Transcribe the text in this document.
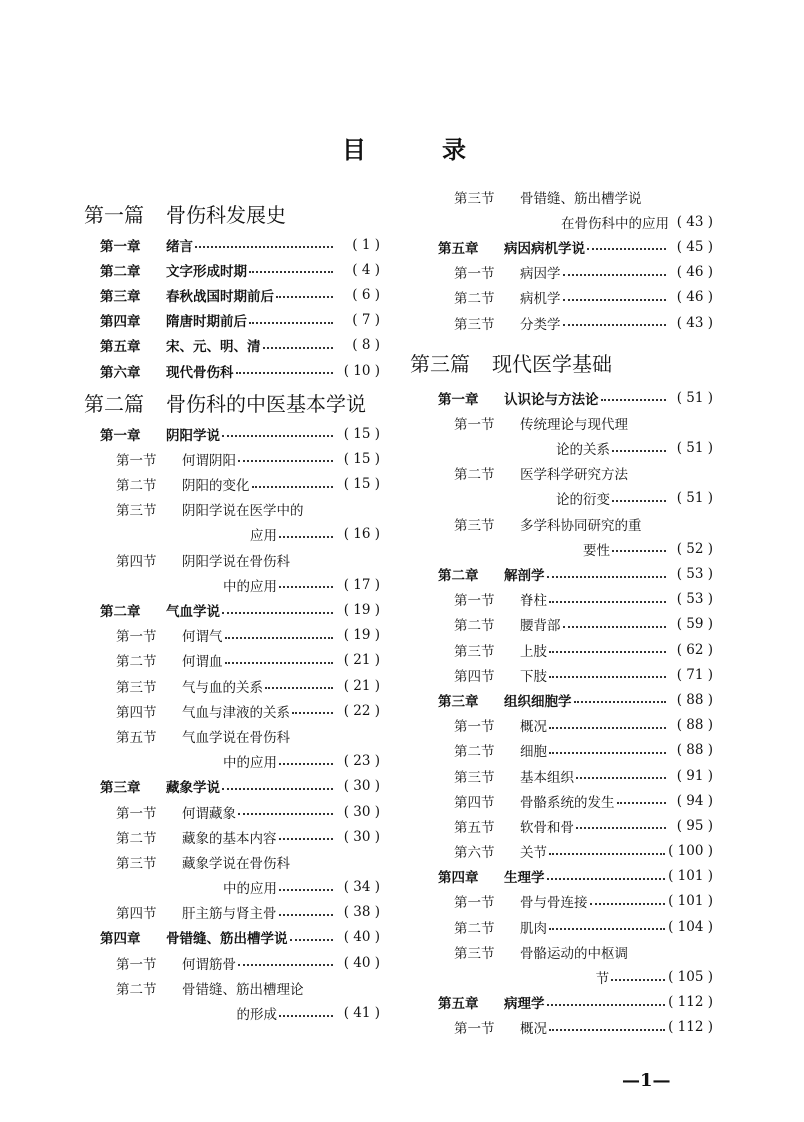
目	录
第一篇 骨伤科发展史
第一章	绪言	( 1 )
第二章	文字形成时期	( 4 )
第三章	春秋战国时期前后	( 6 )
第四章	隋唐时期前后	( 7 )
第五章	宋、元、明、清	( 8 )
第六章	现代骨伤科	( 10 )
第二篇 骨伤科的中医基本学说
第一章	阴阳学说	( 15 )
第一节	何谓阴阳	( 15 )
第二节	阴阳的变化	( 15 )
第三节	阴阳学说在医学中的
应用	( 16 )
第四节	阴阳学说在骨伤科
中的应用	( 17 )
第二章	气血学说	( 19 )
第一节	何谓气	( 19 )
第二节	何谓血	( 21 )
第三节	气与血的关系	( 21 )
第四节	气血与津液的关系	( 22 )
第五节	气血学说在骨伤科
中的应用	( 23 )
第三章	藏象学说	( 30 )
第一节	何谓藏象	( 30 )
第二节	藏象的基本内容	( 30 )
第三节	藏象学说在骨伤科
中的应用	( 34 )
第四节	肝主筋与肾主骨	( 38 )
第四章	骨错缝、筋出槽学说	( 40 )
第一节	何谓筋骨	( 40 )
第二节	骨错缝、筋出槽理论
的形成	( 41 )
第三节	骨错缝、筋出槽学说
在骨伤科中的应用	( 43 )
第五章	病因病机学说	( 45 )
第一节	病因学	( 46 )
第二节	病机学	( 46 )
第三节	分类学	( 43 )
第三篇 现代医学基础
第一章	认识论与方法论	( 51 )
第一节	传统理论与现代理
论的关系	( 51 )
第二节	医学科学研究方法
论的衍变	( 51 )
第三节	多学科协同研究的重
要性	( 52 )
第二章	解剖学	( 53 )
第一节	脊柱	( 53 )
第二节	腰背部	( 59 )
第三节	上肢	( 62 )
第四节	下肢	( 71 )
第三章	组织细胞学	( 88 )
第一节	概况	( 88 )
第二节	细胞	( 88 )
第三节	基本组织	( 91 )
第四节	骨骼系统的发生	( 94 )
第五节	软骨和骨	( 95 )
第六节	关节	( 100 )
第四章	生理学	( 101 )
第一节	骨与骨连接	( 101 )
第二节	肌肉	( 104 )
第三节	骨骼运动的中枢调
节	( 105 )
第五章	病理学	( 112 )
第一节	概况	( 112 )
—1—
